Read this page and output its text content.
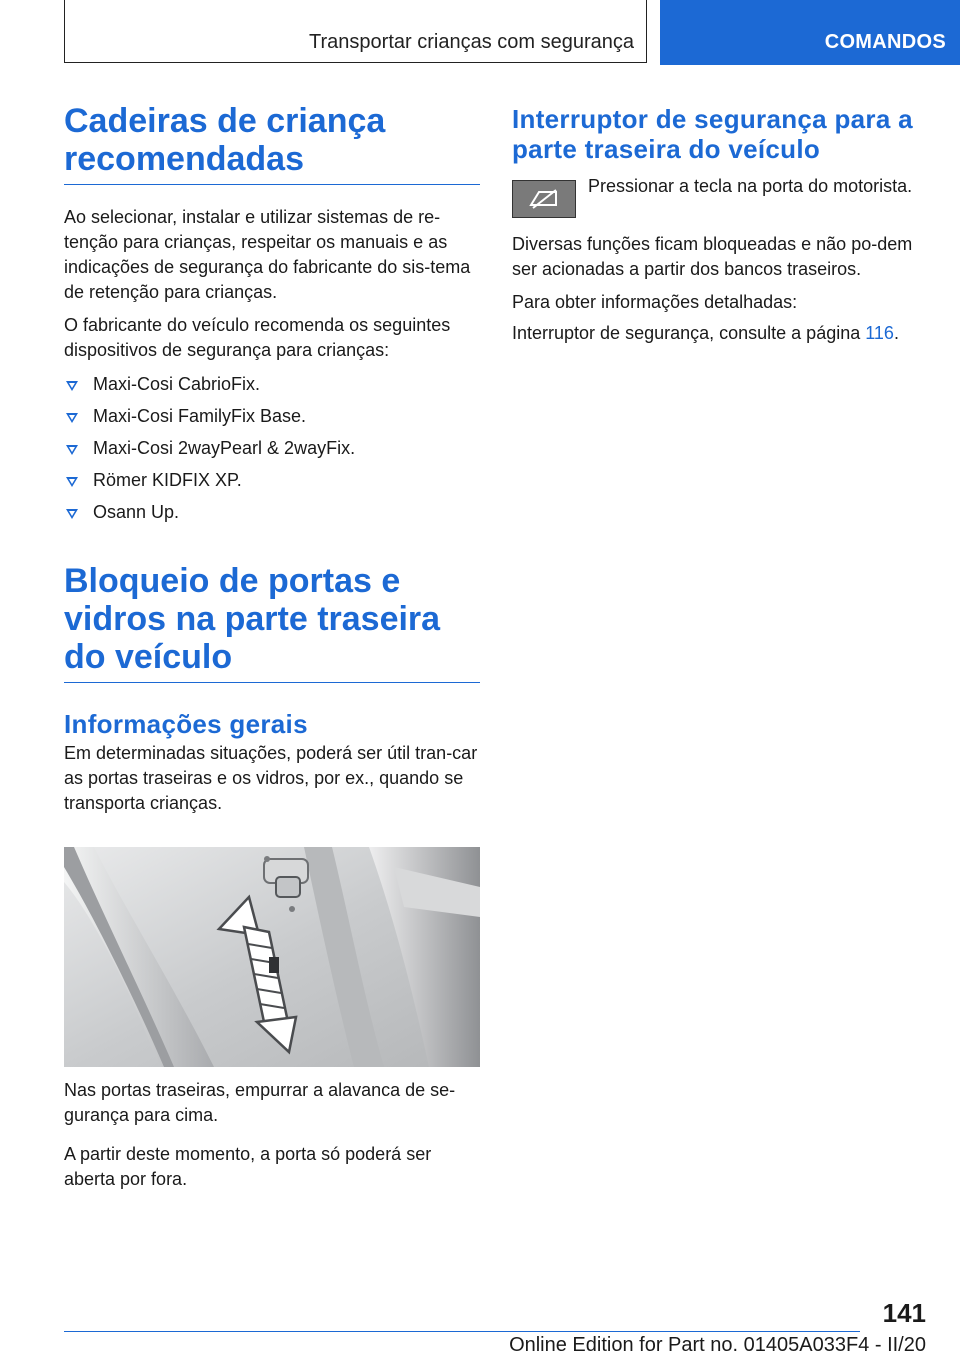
Transportar crianças com segurança	COMANDOS
Cadeiras de criança recomendadas

Ao selecionar, instalar e utilizar sistemas de re-tenção para crianças, respeitar os manuais e as indicações de segurança do fabricante do sis-tema de retenção para crianças.

O fabricante do veículo recomenda os seguintes dispositivos de segurança para crianças:

Maxi-Cosi CabrioFix.
Maxi-Cosi FamilyFix Base.
Maxi-Cosi 2wayPearl & 2wayFix.
Römer KIDFIX XP.
Osann Up.
Bloqueio de portas e vidros na parte traseira do veículo
Informações gerais

Em determinadas situações, poderá ser útil tran-car as portas traseiras e os vidros, por ex., quando se transporta crianças.

Nas portas traseiras, empurrar a alavanca de se-gurança para cima.

A partir deste momento, a porta só poderá ser aberta por fora.

Interruptor de segurança para a parte traseira do veículo
Pressionar a tecla na porta do motorista.

Diversas funções ficam bloqueadas e não po-dem ser acionadas a partir dos bancos traseiros.

Para obter informações detalhadas:

Interruptor de segurança, consulte a página 116.

141
Online Edition for Part no. 01405A033F4 - II/20
